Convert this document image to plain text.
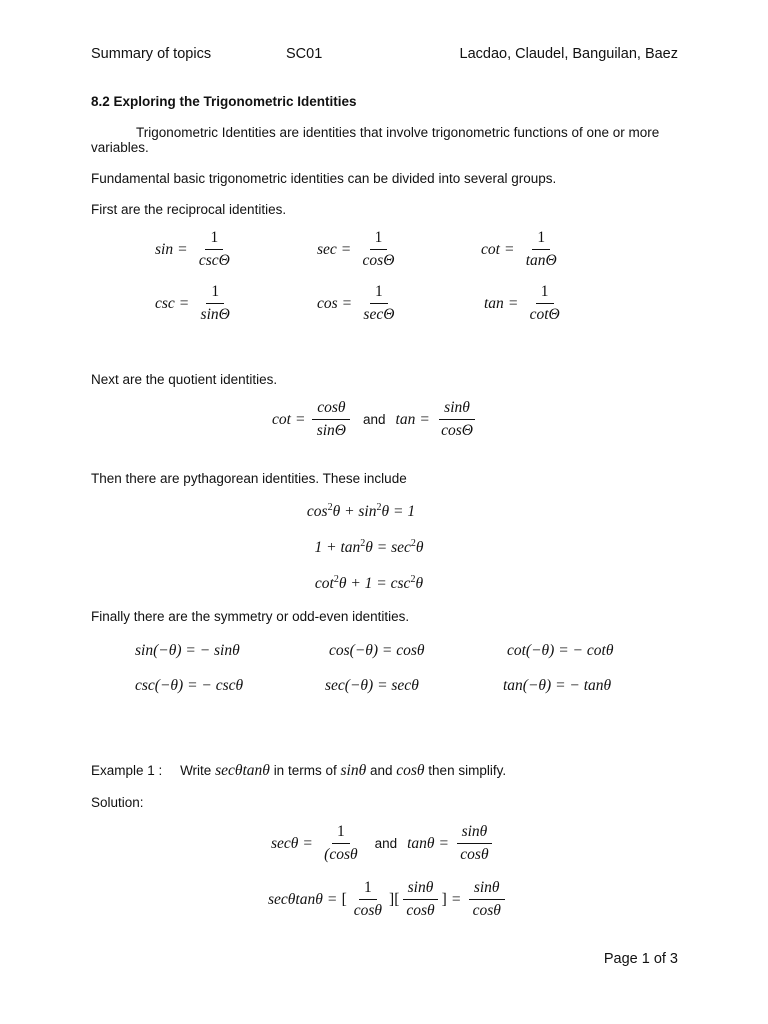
Summary of topics	SC01	Lacdao, Claudel, Banguilan, Baez
8.2 Exploring the Trigonometric Identities
Trigonometric Identities are identities that involve trigonometric functions of one or more
variables.
Fundamental basic trigonometric identities can be divided into several groups.
First are the reciprocal identities.
$\sin = \frac{1}{\csc\Theta}$	$\sec = \frac{1}{\cos\Theta}$	$\cot = \frac{1}{\tan\Theta}$
$\csc = \frac{1}{\sin\Theta}$	$\cos = \frac{1}{\sec\Theta}$	$\tan = \frac{1}{\cot\Theta}$
Next are the quotient identities.
$\cot = \frac{\cos\theta}{\sin\Theta}$ and $\tan = \frac{\sin\theta}{\cos\Theta}$
Then there are pythagorean identities. These include
$\cos^2\theta + \sin^2\theta = 1$
$1 + \tan^2\theta = \sec^2\theta$
$\cot^2\theta + 1 = \csc^2\theta$
Finally there are the symmetry or odd-even identities.
sin(−θ) = − sinθ	cos(−θ) = cosθ	cot(−θ) = − cotθ
csc(−θ) = − cscθ	sec(−θ) = secθ	tan(−θ) = − tanθ
Example 1 : Write secθtanθ in terms of sinθ and cosθ then simplify.
Solution:
$\sec\theta = \frac{1}{(\cos\theta}$ and $\tan\theta = \frac{\sin\theta}{\cos\theta}$
secθtanθ = [ $\frac{1}{\cos\theta}$ ][ $\frac{\sin\theta}{\cos\theta}$ ] = $\frac{\sin\theta}{\cos\theta}$
Page 1 of 3
